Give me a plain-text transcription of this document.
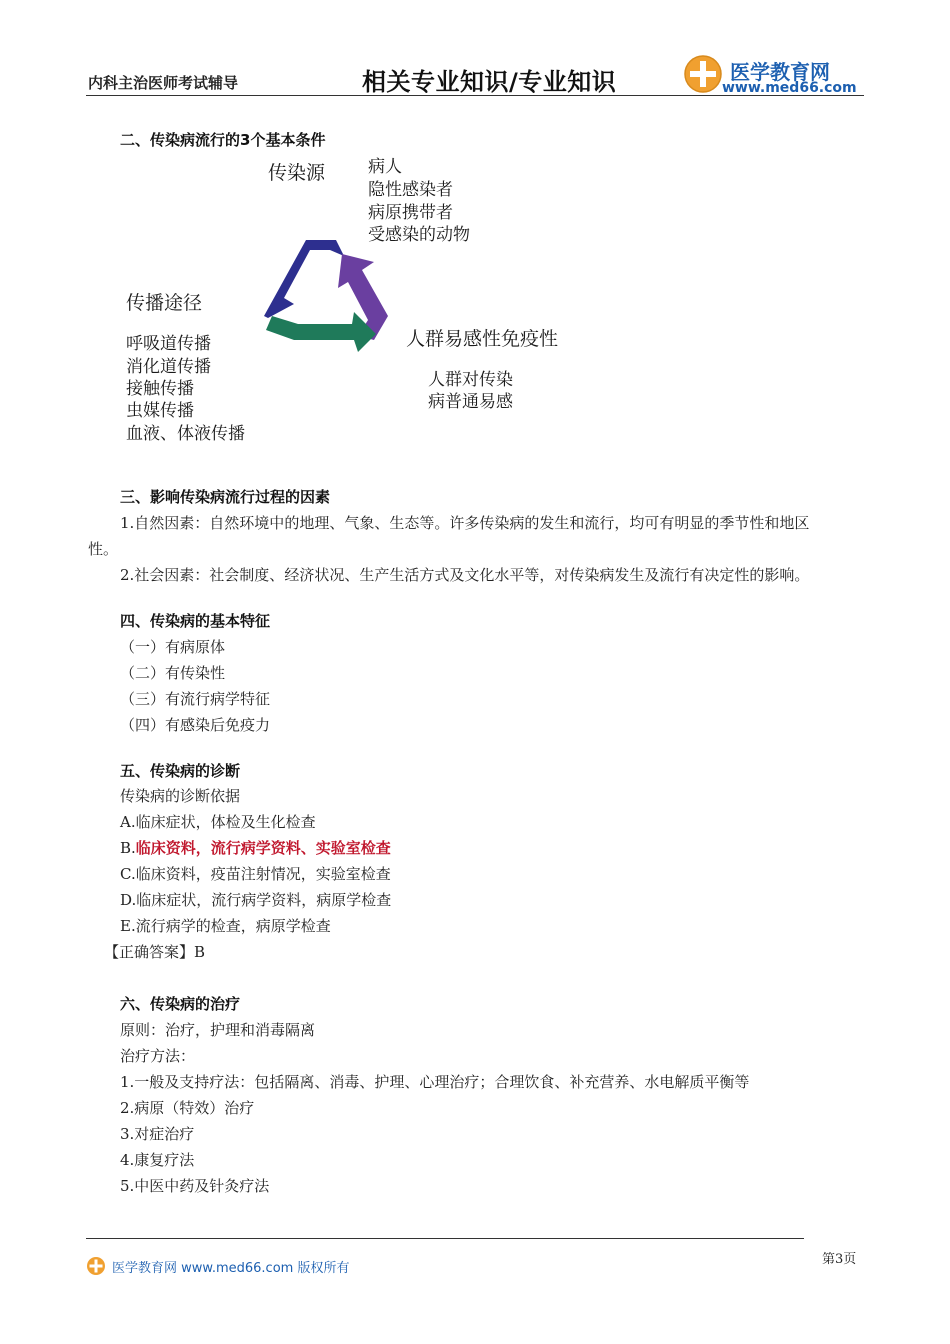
内科主治医师考试辅导	相关专业知识/专业知识	医学教育网
www.med66.com
二、传染病流行的3个基本条件
传染源	病人
隐性感染者
病原携带者
受感染的动物
传播途径
呼吸道传播
消化道传播
接触传播
虫媒传播
血液、体液传播
人群易感性免疫性
人群对传染
病普通易感
三、影响传染病流行过程的因素
1.自然因素：自然环境中的地理、气象、生态等。许多传染病的发生和流行，均可有明显的季节性和地区
性。
2.社会因素：社会制度、经济状况、生产生活方式及文化水平等，对传染病发生及流行有决定性的影响。
四、传染病的基本特征
（一）有病原体
（二）有传染性
（三）有流行病学特征
（四）有感染后免疫力
五、传染病的诊断
传染病的诊断依据
A.临床症状，体检及生化检查
B.临床资料，流行病学资料、实验室检查
C.临床资料，疫苗注射情况，实验室检查
D.临床症状，流行病学资料，病原学检查
E.流行病学的检查，病原学检查
【正确答案】B
六、传染病的治疗
原则：治疗，护理和消毒隔离
治疗方法：
1.一般及支持疗法：包括隔离、消毒、护理、心理治疗；合理饮食、补充营养、水电解质平衡等
2.病原（特效）治疗
3.对症治疗
4.康复疗法
5.中医中药及针灸疗法
医学教育网 www.med66.com 版权所有
第3页
